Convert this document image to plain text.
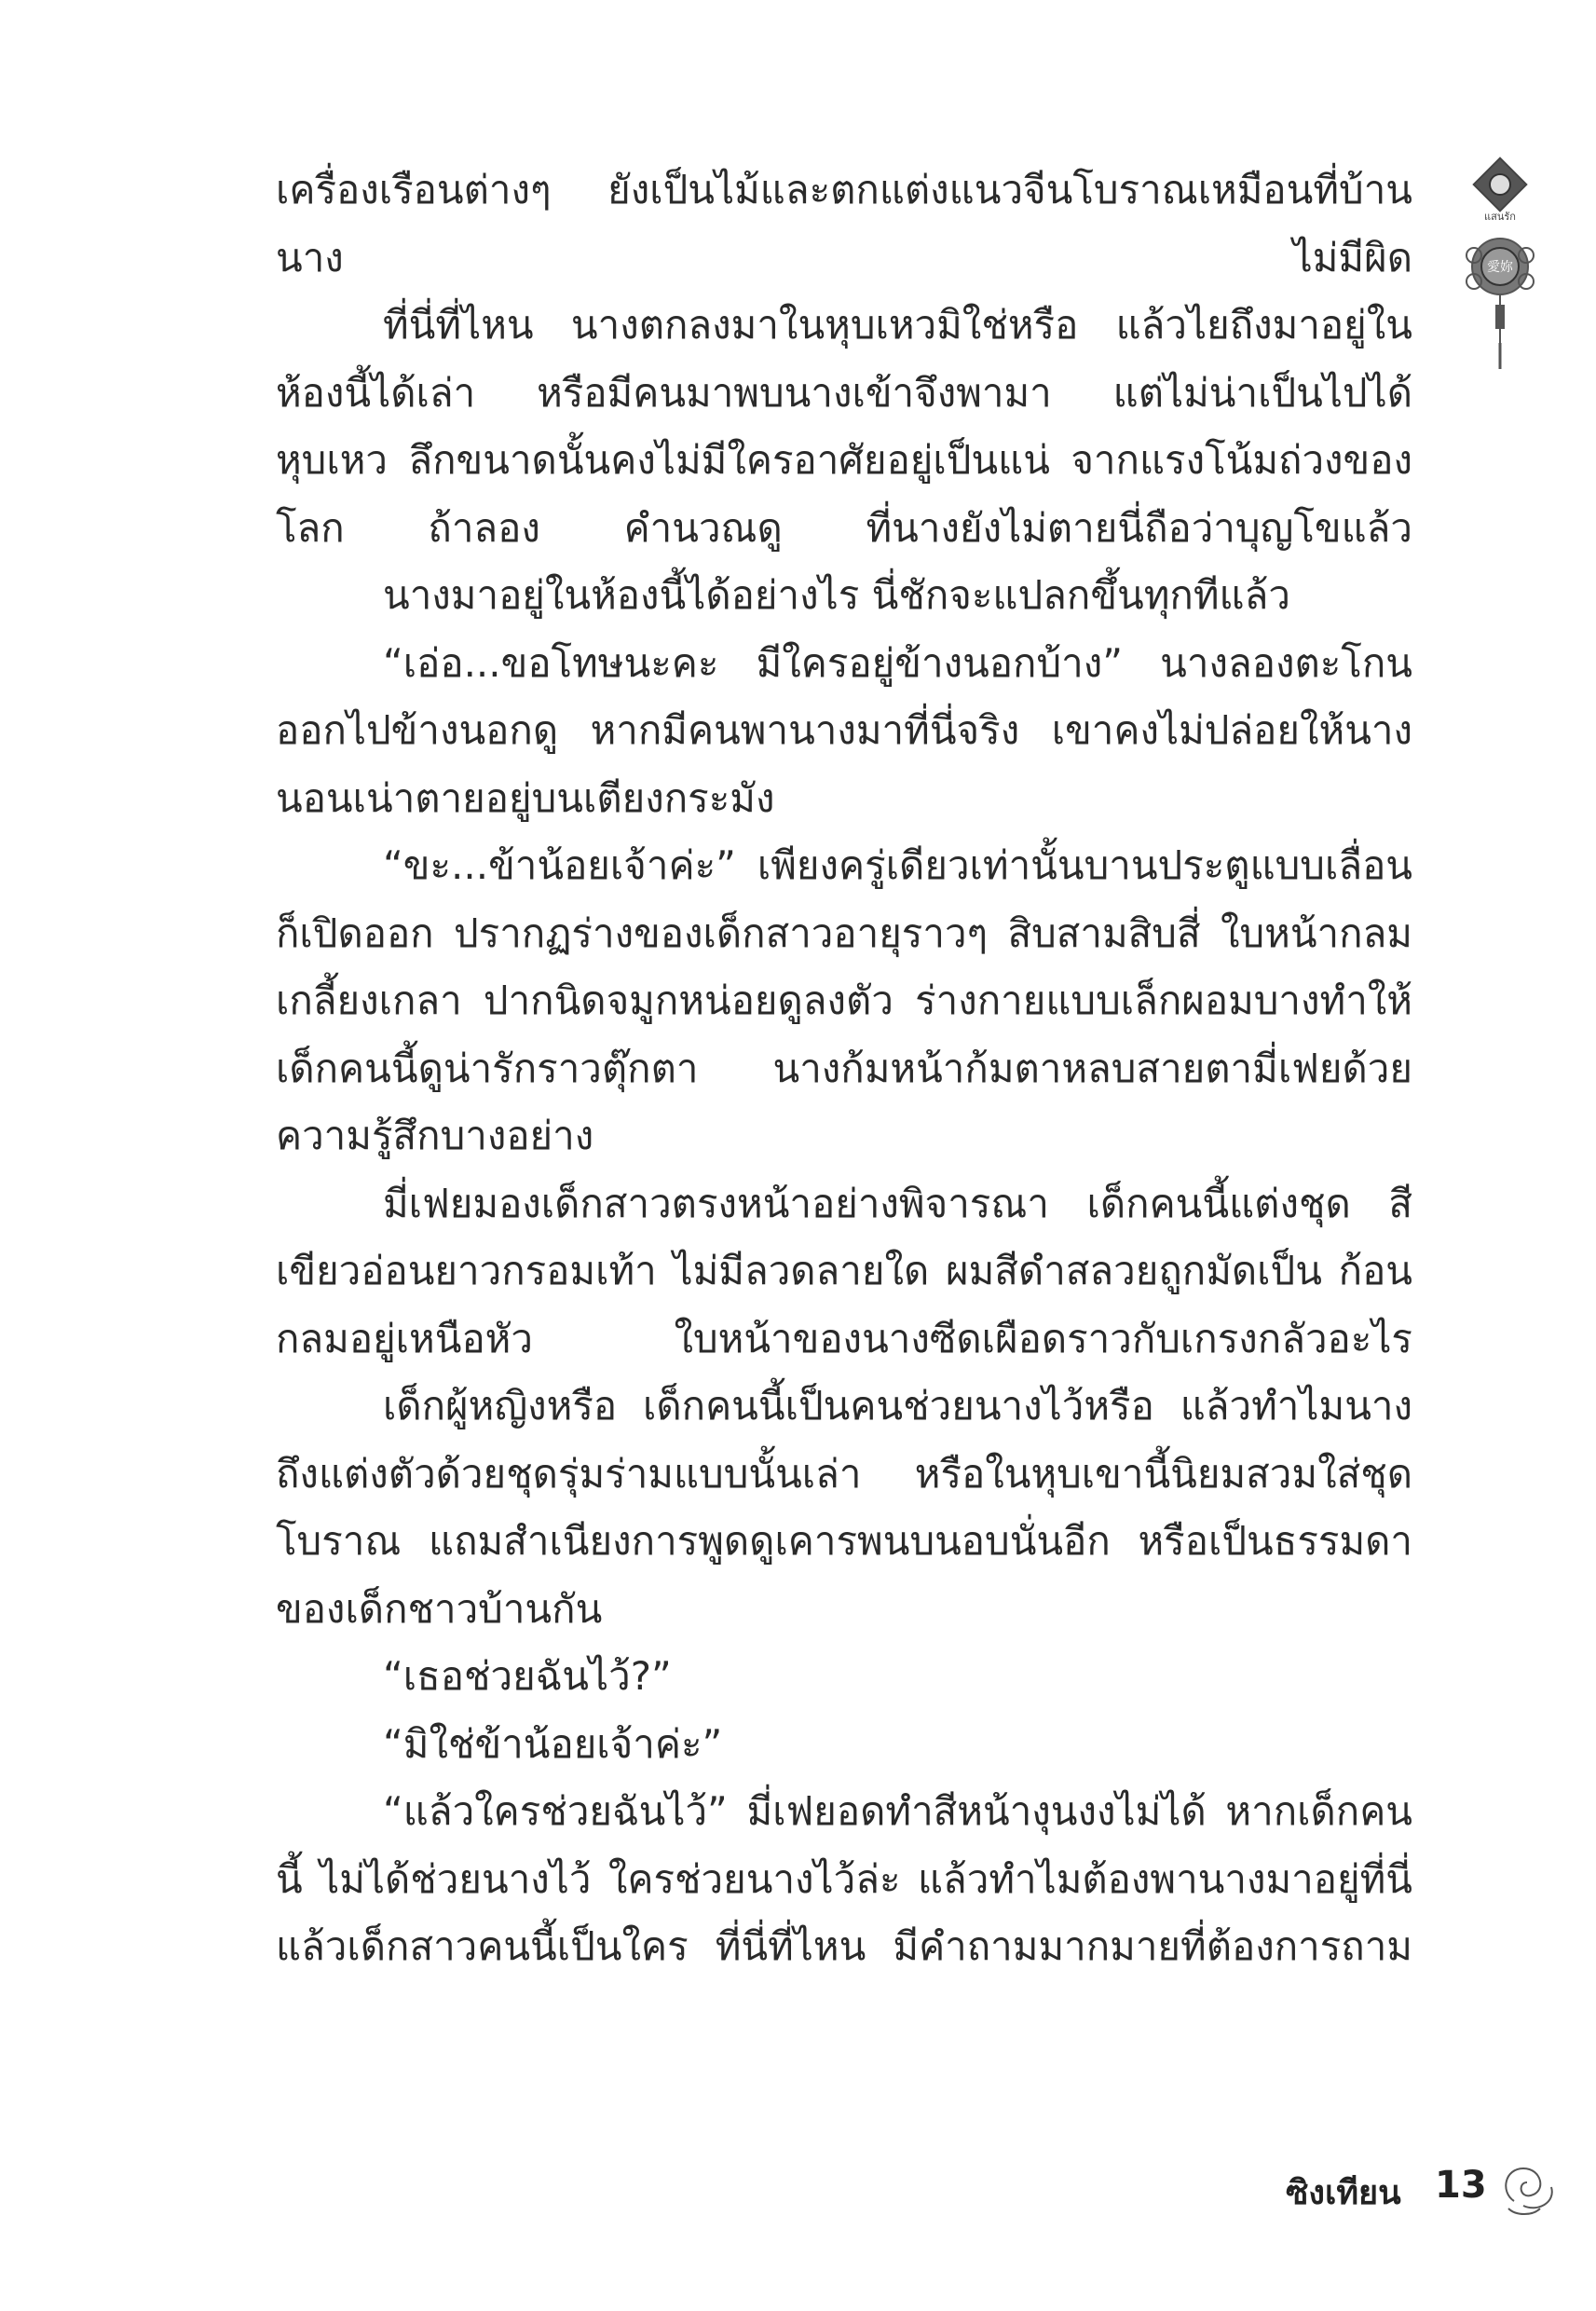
เครื่องเรือนต่างๆ ยังเป็นไม้และตกแต่งแนวจีนโบราณเหมือนที่บ้านนาง ไม่มีผิด

ที่นี่ที่ไหน นางตกลงมาในหุบเหวมิใช่หรือ แล้วไยถึงมาอยู่ใน ห้องนี้ได้เล่า หรือมีคนมาพบนางเข้าจึงพามา แต่ไม่น่าเป็นไปได้ หุบเหว ลึกขนาดนั้นคงไม่มีใครอาศัยอยู่เป็นแน่ จากแรงโน้มถ่วงของโลก ถ้าลอง คำนวณดู ที่นางยังไม่ตายนี่ถือว่าบุญโขแล้ว

นางมาอยู่ในห้องนี้ได้อย่างไร นี่ชักจะแปลกขึ้นทุกทีแล้ว

“เอ่อ...ขอโทษนะคะ มีใครอยู่ข้างนอกบ้าง” นางลองตะโกน ออกไปข้างนอกดู หากมีคนพานางมาที่นี่จริง เขาคงไม่ปล่อยให้นาง นอนเน่าตายอยู่บนเตียงกระมัง

“ขะ...ข้าน้อยเจ้าค่ะ” เพียงครู่เดียวเท่านั้นบานประตูแบบเลื่อน ก็เปิดออก ปรากฏร่างของเด็กสาวอายุราวๆ สิบสามสิบสี่ ใบหน้ากลม เกลี้ยงเกลา ปากนิดจมูกหน่อยดูลงตัว ร่างกายแบบเล็กผอมบางทำให้ เด็กคนนี้ดูน่ารักราวตุ๊กตา นางก้มหน้าก้มตาหลบสายตามี่เฟยด้วย ความรู้สึกบางอย่าง

มี่เฟยมองเด็กสาวตรงหน้าอย่างพิจารณา เด็กคนนี้แต่งชุด สีเขียวอ่อนยาวกรอมเท้า ไม่มีลวดลายใด ผมสีดำสลวยถูกมัดเป็น ก้อนกลมอยู่เหนือหัว ใบหน้าของนางซีดเผือดราวกับเกรงกลัวอะไร

เด็กผู้หญิงหรือ เด็กคนนี้เป็นคนช่วยนางไว้หรือ แล้วทำไมนาง ถึงแต่งตัวด้วยชุดรุ่มร่ามแบบนั้นเล่า หรือในหุบเขานี้นิยมสวมใส่ชุด โบราณ แถมสำเนียงการพูดดูเคารพนบนอบนั่นอีก หรือเป็นธรรมดา ของเด็กชาวบ้านกัน

“เธอช่วยฉันไว้?”

“มิใช่ข้าน้อยเจ้าค่ะ”

“แล้วใครช่วยฉันไว้” มี่เฟยอดทำสีหน้างุนงงไม่ได้ หากเด็กคนนี้ ไม่ได้ช่วยนางไว้ ใครช่วยนางไว้ล่ะ แล้วทำไมต้องพานางมาอยู่ที่นี่ แล้วเด็กสาวคนนี้เป็นใคร ที่นี่ที่ไหน มีคำถามมากมายที่ต้องการถาม

แสนรัก
愛妳
ซิงเทียน 13
